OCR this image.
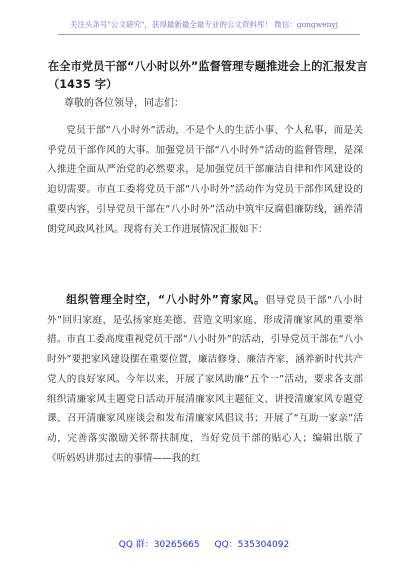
关注头条号"公文研究"，获得最新最全最专业的公文资料库！ 微信：gongwenyj
在全市党员干部“八小时以外”监督管理专题推进会上的汇报发言（1435 字）
尊敬的各位领导，同志们：

党员干部“八小时外”活动，不是个人的生活小事、个人私事，而是关乎党员干部作风的大事。加强党员干部“八小时外”活动的监督管理，是深入推进全面从严治党的必然要求，是加强党员干部廉洁自律和作风建设的迫切需要。市直工委将党员干部“八小时外”活动作为党员干部作风建设的重要内容，引导党员干部在“八小时外”活动中筑牢反腐倡廉防线，涵养清朗党风政风社风。现将有关工作进展情况汇报如下：

组织管理全时空，“八小时外”育家风。倡导党员干部“八小时外”回归家庭，是弘扬家庭美德、营造文明家庭、形成清廉家风的重要举措。市直工委高度重视党员干部“八小时外”的活动，引导党员干部在“八小时外”要把家风建设摆在重要位置，廉洁修身、廉洁齐家，涵养新时代共产党人的良好家风。今年以来，开展了家风助廉“五个一”活动，要求各支部组织清廉家风主题党日活动开展清廉家风主题征文、讲授清廉家风专题党课、召开清廉家风座谈会和发布清廉家风倡议书；开展了“互助一家亲”活动，完善落实激励关怀帮扶制度，当好党员干部的贴心人；编辑出版了《听妈妈讲那过去的事情——我的红

QQ 群：30265665 QQ：535304092
